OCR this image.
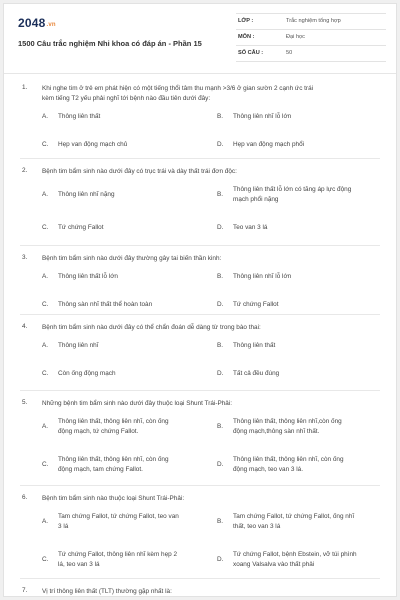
2048.vn
1500 Câu trắc nghiệm Nhi khoa có đáp án - Phần 15
LỚP :	Trắc nghiệm tổng hợp
MÔN :	Đại học
SỐ CÂU :	50
1. Khi nghe tim ở trẻ em phát hiện có một tiếng thổi tâm thu mạnh >3/6 ở gian sườn 2 cạnh ức trái
kèm tiếng T2 yếu phải nghĩ tới bệnh nào đầu tiên dưới đây:
A. Thông liên thất	B. Thông liên nhĩ lỗ lớn
C. Hẹp van động mạch chủ	D. Hẹp van động mạch phổi
2. Bệnh tim bẩm sinh nào dưới đây có trục trái và dày thất trái đơn độc:
A. Thông liên nhĩ nặng	B.
Thông liên thất lỗ lớn có tăng áp lực động
mạch phổi nặng
C. Tứ chứng Fallot	D. Teo van 3 lá
3. Bệnh tim bẩm sinh nào dưới đây thường gây tai biến thần kinh:
A. Thông liên thất lỗ lớn	B. Thông liên nhĩ lỗ lớn
C. Thông sàn nhĩ thất thể hoàn toàn	D. Tứ chứng Fallot
4. Bệnh tim bẩm sinh nào dưới đây có thể chẩn đoán dễ dàng từ trong bào thai:
A. Thông liên nhĩ	B. Thông liên thất
C. Còn ống động mạch	D. Tất cả đều đúng
5. Những bệnh tim bẩm sinh nào dưới đây thuộc loại Shunt Trái-Phải:
A.
Thông liên thất, thông liên nhĩ, còn ống
động mạch, tứ chứng Fallot.
B.
Thông liên thất, thông liên nhĩ,còn ống
động mạch,thông sàn nhĩ thất.
C.
Thông liên thất, thông liên nhĩ, còn ống
động mạch, tam chứng Fallot.
D.
Thông liên thất, thông liên nhĩ, còn ống
động mạch, teo van 3 lá.
6. Bệnh tim bẩm sinh nào thuộc loại Shunt Trái-Phải:
A.
Tam chứng Fallot, tứ chứng Fallot, teo van
3 lá
B.
Tam chứng Fallot, tứ chứng Fallot, ống nhĩ
thất, teo van 3 lá
C.
Tứ chứng Fallot, thông liên nhĩ kèm hẹp 2
lá, teo van 3 lá
D.
Tứ chứng Fallot, bệnh Ebstein, vỡ túi phình
xoang Valsalva vào thất phải
7. Vị trí thông liên thất (TLT) thường gặp nhất là:
